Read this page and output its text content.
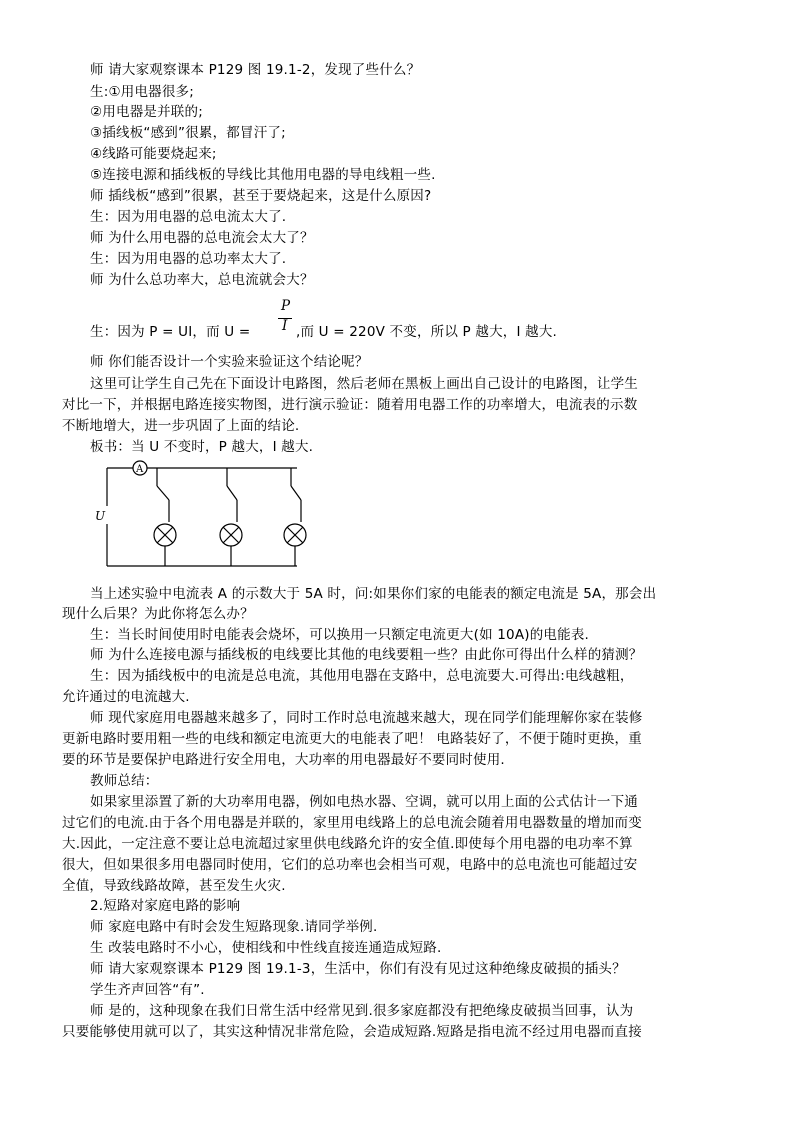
师 请大家观察课本 P129 图 19.1-2，发现了些什么？
生:①用电器很多;
②用电器是并联的;
③插线板“感到”很累，都冒汗了;
④线路可能要烧起来;
⑤连接电源和插线板的导线比其他用电器的导电线粗一些.
师 插线板“感到”很累，甚至于要烧起来，这是什么原因?
生：因为用电器的总电流太大了.
师 为什么用电器的总电流会太大了？
生：因为用电器的总功率太大了.
师 为什么总功率大，总电流就会大？
生：因为 P = UI，而 U =
P
I ,而 U = 220V 不变，所以 P 越大，I 越大.
师 你们能否设计一个实验来验证这个结论呢？
这里可让学生自己先在下面设计电路图，然后老师在黑板上画出自己设计的电路图，让学生
对比一下，并根据电路连接实物图，进行演示验证：随着用电器工作的功率增大，电流表的示数
不断地增大，进一步巩固了上面的结论.
板书：当 U 不变时，P 越大，I 越大.
A
U
当上述实验中电流表 A 的示数大于 5A 时，问:如果你们家的电能表的额定电流是 5A，那会出
现什么后果？为此你将怎么办？
生：当长时间使用时电能表会烧坏，可以换用一只额定电流更大(如 10A)的电能表.
师 为什么连接电源与插线板的电线要比其他的电线要粗一些？由此你可得出什么样的猜测？
生：因为插线板中的电流是总电流，其他用电器在支路中，总电流要大.可得出:电线越粗，
允许通过的电流越大.
师 现代家庭用电器越来越多了，同时工作时总电流越来越大，现在同学们能理解你家在装修
更新电路时要用粗一些的电线和额定电流更大的电能表了吧！ 电路装好了，不便于随时更换，重
要的环节是要保护电路进行安全用电，大功率的用电器最好不要同时使用.
教师总结：
如果家里添置了新的大功率用电器，例如电热水器、空调，就可以用上面的公式估计一下通
过它们的电流.由于各个用电器是并联的，家里用电线路上的总电流会随着用电器数量的增加而变
大.因此，一定注意不要让总电流超过家里供电线路允许的安全值.即使每个用电器的电功率不算
很大，但如果很多用电器同时使用，它们的总功率也会相当可观，电路中的总电流也可能超过安
全值，导致线路故障，甚至发生火灾.
2.短路对家庭电路的影响
师 家庭电路中有时会发生短路现象.请同学举例.
生 改装电路时不小心，使相线和中性线直接连通造成短路.
师 请大家观察课本 P129 图 19.1-3，生活中，你们有没有见过这种绝缘皮破损的插头？
学生齐声回答“有”.
师 是的，这种现象在我们日常生活中经常见到.很多家庭都没有把绝缘皮破损当回事，认为
只要能够使用就可以了，其实这种情况非常危险，会造成短路.短路是指电流不经过用电器而直接
